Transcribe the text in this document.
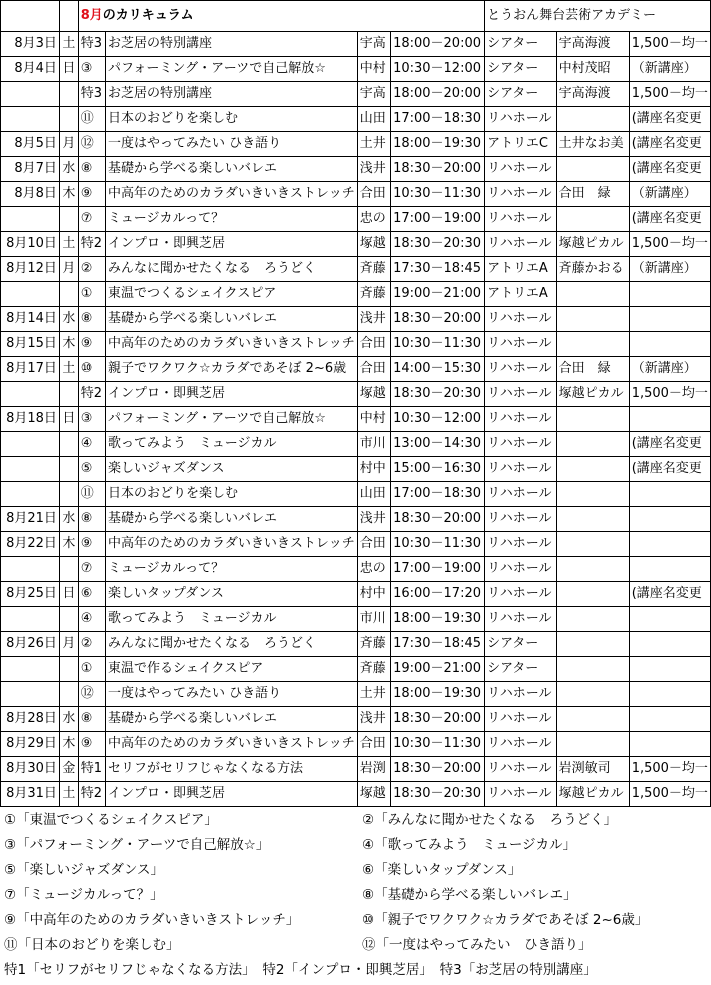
		8月のカリキュラム				とうおん舞台芸術アカデミー		
8月3日	土	特3	お芝居の特別講座	宇高	18:00－20:00	シアター	宇高海渡	1,500－均一
8月4日	日	③	パフォーミング・アーツで自己解放☆	中村	10:30－12:00	シアター	中村茂昭	（新講座）
		特3	お芝居の特別講座	宇高	18:00－20:00	シアター	宇高海渡	1,500－均一
		⑪	日本のおどりを楽しむ	山田	17:00－18:30	リハホール		(講座名変更
8月5日	月	⑫	一度はやってみたい ひき語り	土井	18:00－19:30	アトリエC	土井なお美	(講座名変更
8月7日	水	⑧	基礎から学べる楽しいバレエ	浅井	18:30－20:00	リハホール		(講座名変更
8月8日	木	⑨	中高年のためのカラダいきいきストレッチ	合田	10:30－11:30	リハホール	合田　緑	（新講座）
		⑦	ミュージカルって？	忠の	17:00－19:00	リハホール		(講座名変更
8月10日	土	特2	インプロ・即興芝居	塚越	18:30－20:30	リハホール	塚越ピカル	1,500－均一
8月12日	月	②	みんなに聞かせたくなる　ろうどく	斉藤	17:30－18:45	アトリエA	斉藤かおる	（新講座）
		①	東温でつくるシェイクスピア	斉藤	19:00－21:00	アトリエA		
8月14日	水	⑧	基礎から学べる楽しいバレエ	浅井	18:30－20:00	リハホール		
8月15日	木	⑨	中高年のためのカラダいきいきストレッチ	合田	10:30－11:30	リハホール		
8月17日	土	⑩	親子でワクワク☆カラダであそぼ 2~6歳	合田	14:00－15:30	リハホール	合田　緑	（新講座）
		特2	インプロ・即興芝居	塚越	18:30－20:30	リハホール	塚越ピカル	1,500－均一
8月18日	日	③	パフォーミング・アーツで自己解放☆	中村	10:30－12:00	リハホール		
		④	歌ってみよう　ミュージカル	市川	13:00－14:30	リハホール		(講座名変更
		⑤	楽しいジャズダンス	村中	15:00－16:30	リハホール		(講座名変更
		⑪	日本のおどりを楽しむ	山田	17:00－18:30	リハホール		
8月21日	水	⑧	基礎から学べる楽しいバレエ	浅井	18:30－20:00	リハホール		
8月22日	木	⑨	中高年のためのカラダいきいきストレッチ	合田	10:30－11:30	リハホール		
		⑦	ミュージカルって？	忠の	17:00－19:00	リハホール		
8月25日	日	⑥	楽しいタップダンス	村中	16:00－17:20	リハホール		(講座名変更
		④	歌ってみよう　ミュージカル	市川	18:00－19:30	リハホール		
8月26日	月	②	みんなに聞かせたくなる　ろうどく	斉藤	17:30－18:45	シアター		
		①	東温で作るシェイクスピア	斉藤	19:00－21:00	シアター		
		⑫	一度はやってみたい ひき語り	土井	18:00－19:30	リハホール		
8月28日	水	⑧	基礎から学べる楽しいバレエ	浅井	18:30－20:00	リハホール		
8月29日	木	⑨	中高年のためのカラダいきいきストレッチ	合田	10:30－11:30	リハホール		
8月30日	金	特1	セリフがセリフじゃなくなる方法	岩渕	18:30－20:00	リハホール	岩渕敏司	1,500－均一
8月31日	土	特2	インプロ・即興芝居	塚越	18:30－20:30	リハホール	塚越ピカル	1,500－均一
①「東温でつくるシェイクスピア」	②「みんなに聞かせたくなる　ろうどく」
③「パフォーミング・アーツで自己解放☆」	④「歌ってみよう　ミュージカル」
⑤「楽しいジャズダンス」	⑥「楽しいタップダンス」
⑦「ミュージカルって？」	⑧「基礎から学べる楽しいバレエ」
⑨「中高年のためのカラダいきいきストレッチ」	⑩「親子でワクワク☆カラダであそぼ 2~6歳」
⑪「日本のおどりを楽しむ」	⑫「一度はやってみたい　ひき語り」
特1「セリフがセリフじゃなくなる方法」　特2「インプロ・即興芝居」　特3「お芝居の特別講座」
